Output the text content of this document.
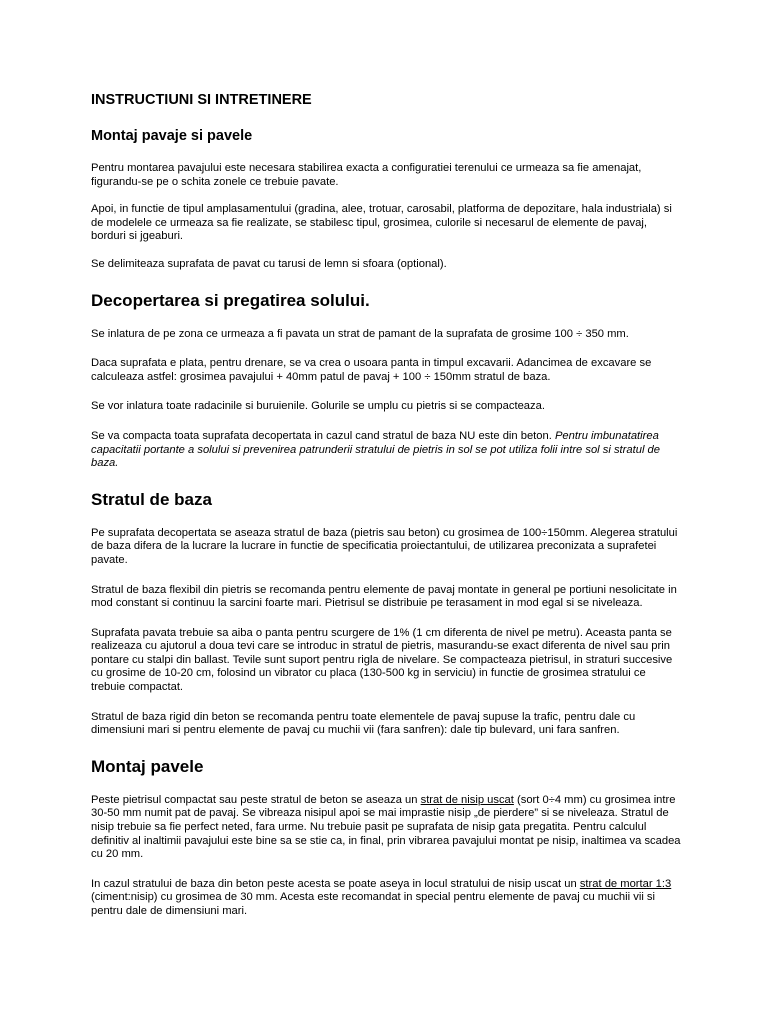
INSTRUCTIUNI SI INTRETINERE
Montaj pavaje si pavele

Pentru montarea pavajului este necesara stabilirea exacta a configuratiei terenului ce urmeaza sa fie amenajat, figurandu-se pe o schita zonele ce trebuie pavate.

Apoi, in functie de tipul amplasamentului (gradina, alee, trotuar, carosabil, platforma de depozitare, hala industriala) si de modelele ce urmeaza sa fie realizate, se stabilesc tipul, grosimea, culorile si necesarul de elemente de pavaj, borduri si jgeaburi.

Se delimiteaza suprafata de pavat cu tarusi de lemn si sfoara (optional).

Decopertarea si pregatirea solului.

Se inlatura de pe zona ce urmeaza a fi pavata un strat de pamant de la suprafata de grosime 100 ÷ 350 mm.

Daca suprafata e plata, pentru drenare, se va crea o usoara panta in timpul excavarii. Adancimea de excavare se calculeaza astfel: grosimea pavajului + 40mm patul de pavaj + 100 ÷ 150mm stratul de baza.

Se vor inlatura toate radacinile si buruienile. Golurile se umplu cu pietris si se compacteaza.

Se va compacta toata suprafata decopertata in cazul cand stratul de baza NU este din beton. Pentru imbunatatirea capacitatii portante a solului si prevenirea patrunderii stratului de pietris in sol se pot utiliza folii intre sol si stratul de baza.

Stratul de baza

Pe suprafata decopertata se aseaza stratul de baza (pietris sau beton) cu grosimea de 100÷150mm. Alegerea stratului de baza difera de la lucrare la lucrare in functie de specificatia proiectantului, de utilizarea preconizata a suprafetei pavate.

Stratul de baza flexibil din pietris se recomanda pentru elemente de pavaj montate in general pe portiuni nesolicitate in mod constant si continuu la sarcini foarte mari. Pietrisul se distribuie pe terasament in mod egal si se niveleaza.

Suprafata pavata trebuie sa aiba o panta pentru scurgere de 1% (1 cm diferenta de nivel pe metru). Aceasta panta se realizeaza cu ajutorul a doua tevi care se introduc in stratul de pietris, masurandu-se exact diferenta de nivel sau prin pontare cu stalpi din ballast. Tevile sunt suport pentru rigla de nivelare. Se compacteaza pietrisul, in straturi succesive cu grosime de 10-20 cm, folosind un vibrator cu placa (130-500 kg in serviciu) in functie de grosimea stratului ce trebuie compactat.

Stratul de baza rigid din beton se recomanda pentru toate elementele de pavaj supuse la trafic, pentru dale cu dimensiuni mari si pentru elemente de pavaj cu muchii vii (fara sanfren): dale tip bulevard, uni fara sanfren.

Montaj pavele

Peste pietrisul compactat sau peste stratul de beton se aseaza un strat de nisip uscat (sort 0÷4 mm) cu grosimea intre 30-50 mm numit pat de pavaj. Se vibreaza nisipul apoi se mai imprastie nisip „de pierdere” si se niveleaza. Stratul de nisip trebuie sa fie perfect neted, fara urme. Nu trebuie pasit pe suprafata de nisip gata pregatita. Pentru calculul definitiv al inaltimii pavajului este bine sa se stie ca, in final, prin vibrarea pavajului montat pe nisip, inaltimea va scadea cu 20 mm.

In cazul stratului de baza din beton peste acesta se poate aseya in locul stratului de nisip uscat un strat de mortar 1:3 (ciment:nisip) cu grosimea de 30 mm. Acesta este recomandat in special pentru elemente de pavaj cu muchii vii si pentru dale de dimensiuni mari.
